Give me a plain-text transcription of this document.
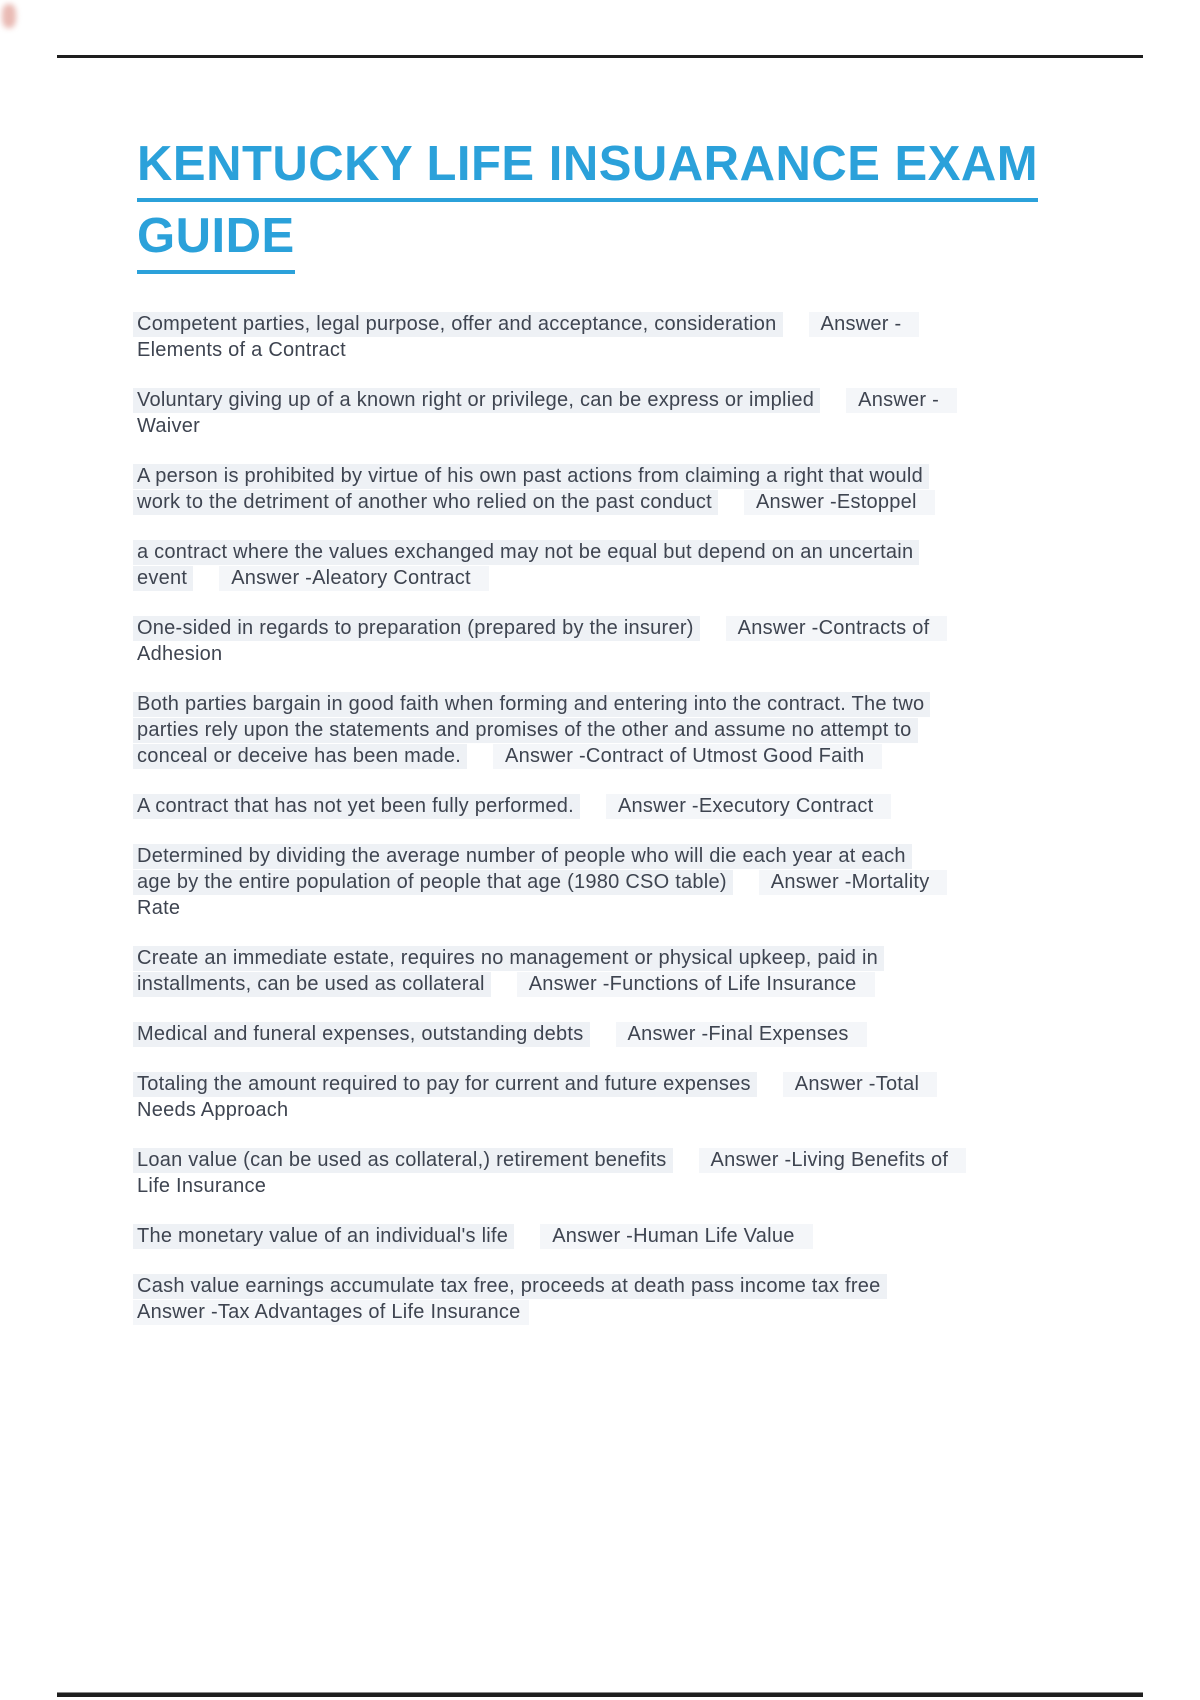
KENTUCKY LIFE INSUARANCE EXAM
GUIDE
Competent parties, legal purpose, offer and acceptance, consideration Answer -
Elements of a Contract
Voluntary giving up of a known right or privilege, can be express or implied Answer -
Waiver
A person is prohibited by virtue of his own past actions from claiming a right that would
work to the detriment of another who relied on the past conduct Answer -Estoppel
a contract where the values exchanged may not be equal but depend on an uncertain
event Answer -Aleatory Contract
One-sided in regards to preparation (prepared by the insurer) Answer -Contracts of
Adhesion
Both parties bargain in good faith when forming and entering into the contract. The two
parties rely upon the statements and promises of the other and assume no attempt to
conceal or deceive has been made. Answer -Contract of Utmost Good Faith
A contract that has not yet been fully performed. Answer -Executory Contract
Determined by dividing the average number of people who will die each year at each
age by the entire population of people that age (1980 CSO table) Answer -Mortality
Rate
Create an immediate estate, requires no management or physical upkeep, paid in
installments, can be used as collateral Answer -Functions of Life Insurance
Medical and funeral expenses, outstanding debts Answer -Final Expenses
Totaling the amount required to pay for current and future expenses Answer -Total
Needs Approach
Loan value (can be used as collateral,) retirement benefits Answer -Living Benefits of
Life Insurance
The monetary value of an individual's life Answer -Human Life Value
Cash value earnings accumulate tax free, proceeds at death pass income tax free
Answer -Tax Advantages of Life Insurance
